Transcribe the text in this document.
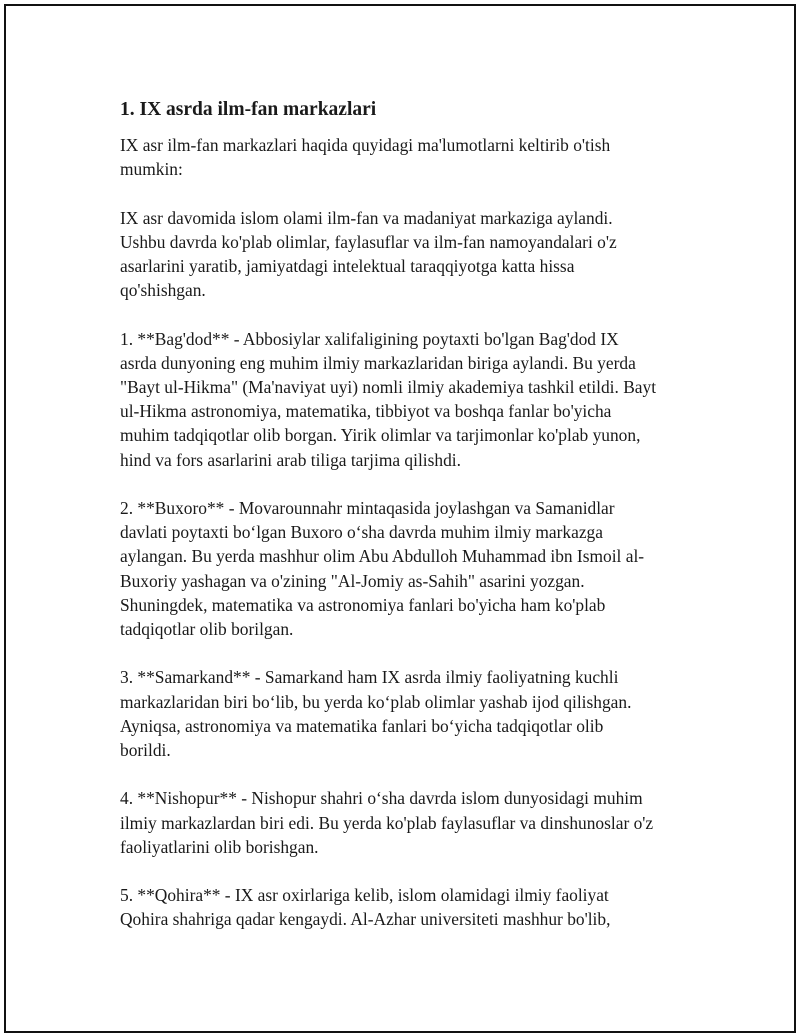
1. IX asrda ilm-fan markazlari

IX asr ilm-fan markazlari haqida quyidagi ma'lumotlarni keltirib o'tish
mumkin:

IX asr davomida islom olami ilm-fan va madaniyat markaziga aylandi.
Ushbu davrda ko'plab olimlar, faylasuflar va ilm-fan namoyandalari o'z
asarlarini yaratib, jamiyatdagi intelektual taraqqiyotga katta hissa
qo'shishgan.

1. **Bag'dod** - Abbosiylar xalifaligining poytaxti bo'lgan Bag'dod IX
asrda dunyoning eng muhim ilmiy markazlaridan biriga aylandi. Bu yerda
"Bayt ul-Hikma" (Ma'naviyat uyi) nomli ilmiy akademiya tashkil etildi. Bayt
ul-Hikma astronomiya, matematika, tibbiyot va boshqa fanlar bo'yicha
muhim tadqiqotlar olib borgan. Yirik olimlar va tarjimonlar ko'plab yunon,
hind va fors asarlarini arab tiliga tarjima qilishdi.

2. **Buxoro** - Movarounnahr mintaqasida joylashgan va Samanidlar
davlati poytaxti bo‘lgan Buxoro o‘sha davrda muhim ilmiy markazga
aylangan. Bu yerda mashhur olim Abu Abdulloh Muhammad ibn Ismoil al-
Buxoriy yashagan va o'zining "Al-Jomiy as-Sahih" asarini yozgan.
Shuningdek, matematika va astronomiya fanlari bo'yicha ham ko'plab
tadqiqotlar olib borilgan.

3. **Samarkand** - Samarkand ham IX asrda ilmiy faoliyatning kuchli
markazlaridan biri bo‘lib, bu yerda ko‘plab olimlar yashab ijod qilishgan.
Ayniqsa, astronomiya va matematika fanlari bo‘yicha tadqiqotlar olib
borildi.

4. **Nishopur** - Nishopur shahri o‘sha davrda islom dunyosidagi muhim
ilmiy markazlardan biri edi. Bu yerda ko'plab faylasuflar va dinshunoslar o'z
faoliyatlarini olib borishgan.

5. **Qohira** - IX asr oxirlariga kelib, islom olamidagi ilmiy faoliyat
Qohira shahriga qadar kengaydi. Al-Azhar universiteti mashhur bo'lib,
